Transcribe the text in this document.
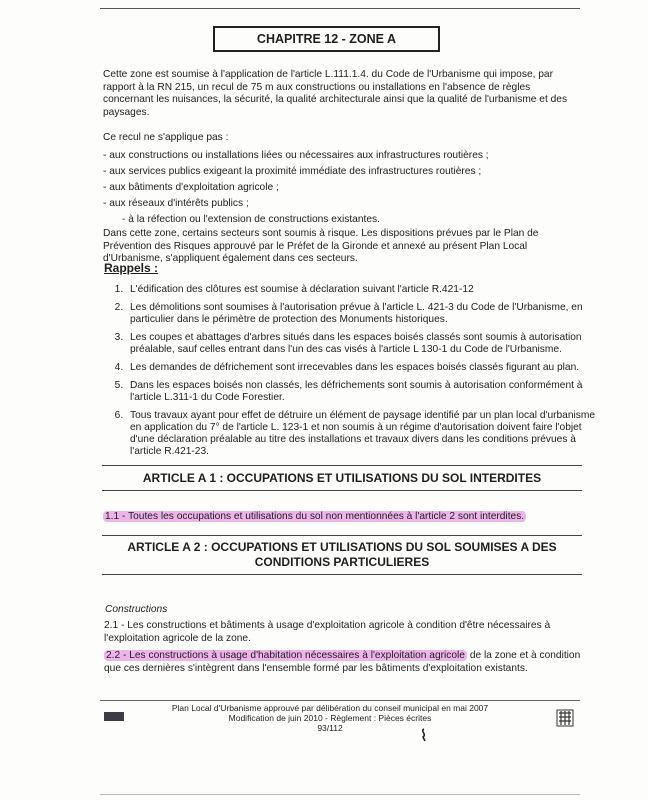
CHAPITRE 12 - ZONE A
Cette zone est soumise à l'application de l'article L.111.1.4. du Code de l'Urbanisme qui impose, par rapport à la RN 215, un recul de 75 m aux constructions ou installations en l'absence de règles concernant les nuisances, la sécurité, la qualité architecturale ainsi que la qualité de l'urbanisme et des paysages.
Ce recul ne s'applique pas :
- aux constructions ou installations liées ou nécessaires aux infrastructures routières ;
- aux services publics exigeant la proximité immédiate des infrastructures routières ;
- aux bâtiments d'exploitation agricole ;
- aux réseaux d'intérêts publics ;
- à la réfection ou l'extension de constructions existantes.
Dans cette zone, certains secteurs sont soumis à risque. Les dispositions prévues par le Plan de Prévention des Risques approuvé par le Préfet de la Gironde et annexé au présent Plan Local d'Urbanisme, s'appliquent également dans ces secteurs.
Rappels :
1. L'édification des clôtures est soumise à déclaration suivant l'article R.421-12
2. Les démolitions sont soumises à l'autorisation prévue à l'article L. 421-3 du Code de l'Urbanisme, en particulier dans le périmètre de protection des Monuments historiques.
3. Les coupes et abattages d'arbres situés dans les espaces boisés classés sont soumis à autorisation préalable, sauf celles entrant dans l'un des cas visés à l'article L 130-1 du Code de l'Urbanisme.
4. Les demandes de défrichement sont irrecevables dans les espaces boisés classés figurant au plan.
5. Dans les espaces boisés non classés, les défrichements sont soumis à autorisation conformément à l'article L.311-1 du Code Forestier.
6. Tous travaux ayant pour effet de détruire un élément de paysage identifié par un plan local d'urbanisme en application du 7° de l'article L. 123-1 et non soumis à un régime d'autorisation doivent faire l'objet d'une déclaration préalable au titre des installations et travaux divers dans les conditions prévues à l'article R.421-23.
ARTICLE A 1 : OCCUPATIONS ET UTILISATIONS DU SOL INTERDITES
1.1 - Toutes les occupations et utilisations du sol non mentionnées à l'article 2 sont interdites.
ARTICLE A 2 : OCCUPATIONS ET UTILISATIONS DU SOL SOUMISES A DES
CONDITIONS PARTICULIERES
Constructions
2.1 - Les constructions et bâtiments à usage d'exploitation agricole à condition d'être nécessaires à l'exploitation agricole de la zone.
2.2 - Les constructions à usage d'habitation nécessaires à l'exploitation agricole de la zone et à condition que ces dernières s'intègrent dans l'ensemble formé par les bâtiments d'exploitation existants.
Plan Local d'Urbanisme approuvé par délibération du conseil municipal en mai 2007
Modification de juin 2010 - Règlement : Pièces écrites
93/112
